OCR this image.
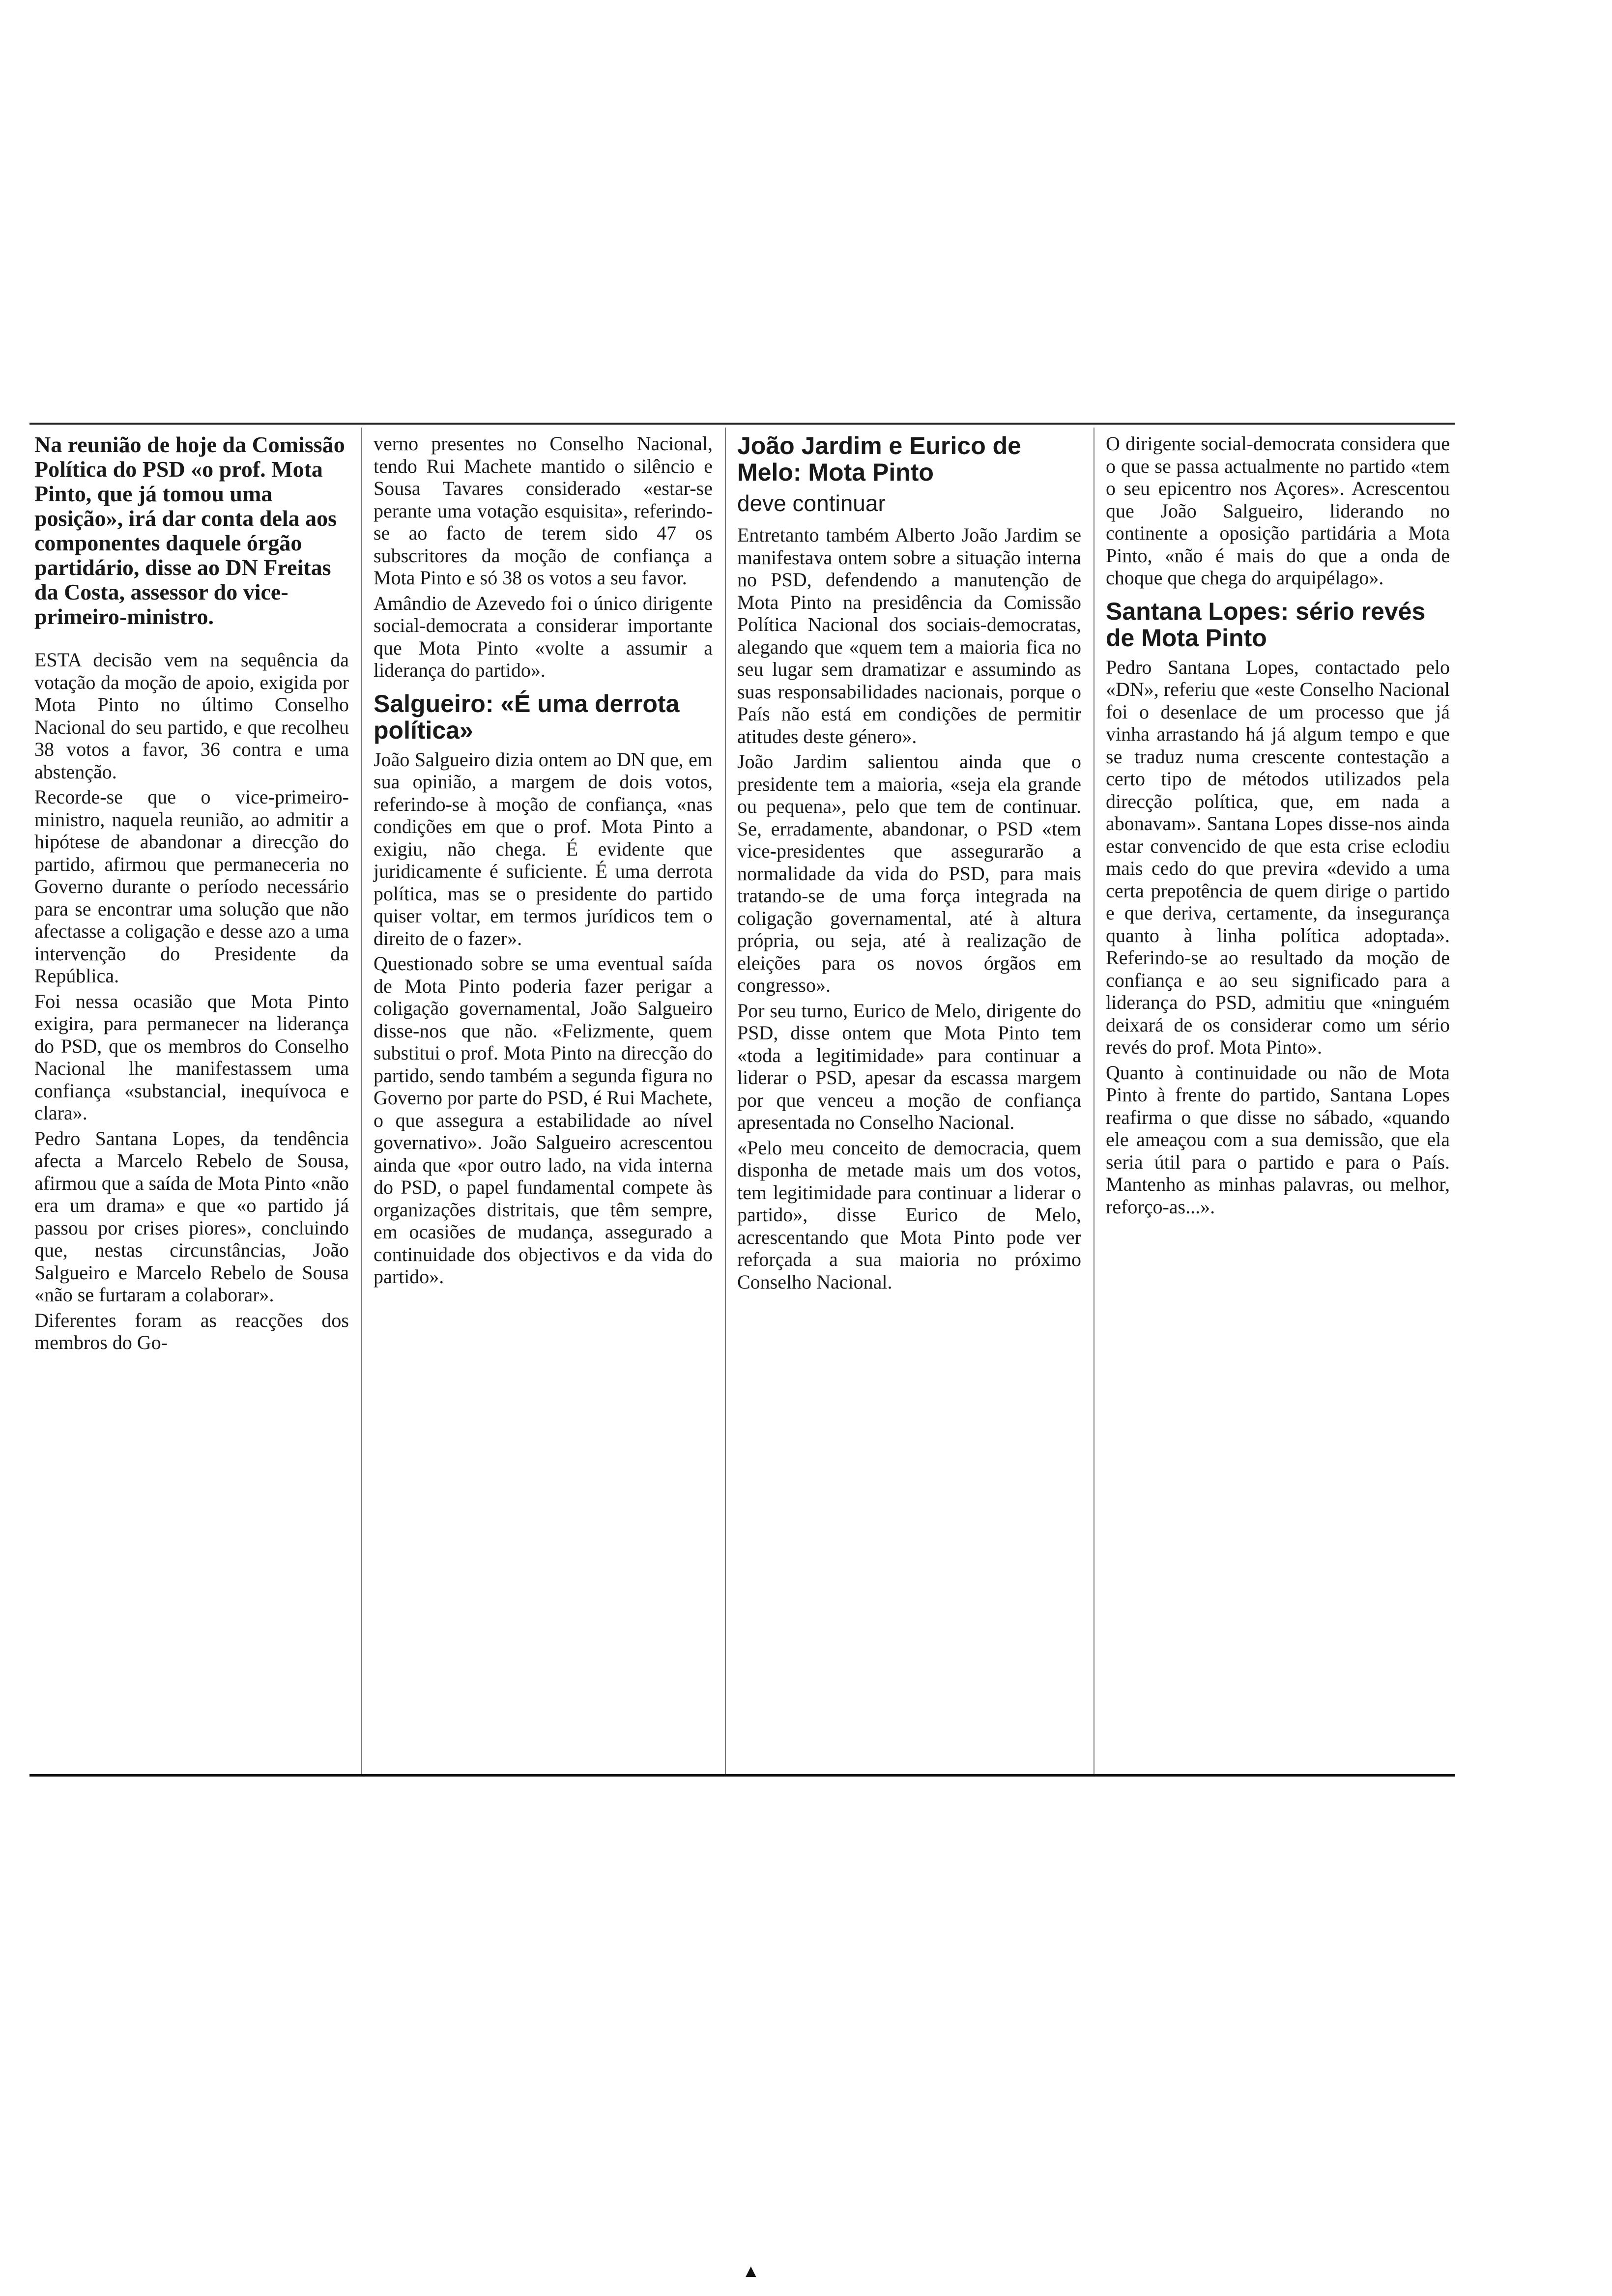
Na reunião de hoje da Comissão Política do PSD «o prof. Mota Pinto, que já tomou uma posição», irá dar conta dela aos componentes daquele órgão partidário, disse ao DN Freitas da Costa, assessor do vice-primeiro-ministro.

ESTA decisão vem na sequência da votação da moção de apoio, exigida por Mota Pinto no último Conselho Nacional do seu partido, e que recolheu 38 votos a favor, 36 contra e uma abstenção.

Recorde-se que o vice-primeiro-ministro, naquela reunião, ao admitir a hipótese de abandonar a direcção do partido, afirmou que permaneceria no Governo durante o período necessário para se encontrar uma solução que não afectasse a coligação e desse azo a uma intervenção do Presidente da República.

Foi nessa ocasião que Mota Pinto exigira, para permanecer na liderança do PSD, que os membros do Conselho Nacional lhe manifestassem uma confiança «substancial, inequívoca e clara».

Pedro Santana Lopes, da tendência afecta a Marcelo Rebelo de Sousa, afirmou que a saída de Mota Pinto «não era um drama» e que «o partido já passou por crises piores», concluindo que, nestas circunstâncias, João Salgueiro e Marcelo Rebelo de Sousa «não se furtaram a colaborar».

Diferentes foram as reacções dos membros do Go-

verno presentes no Conselho Nacional, tendo Rui Machete mantido o silêncio e Sousa Tavares considerado «estar-se perante uma votação esquisita», referindo-se ao facto de terem sido 47 os subscritores da moção de confiança a Mota Pinto e só 38 os votos a seu favor.

Amândio de Azevedo foi o único dirigente social-democrata a considerar importante que Mota Pinto «volte a assumir a liderança do partido».

Salgueiro: «É uma derrota política»

João Salgueiro dizia ontem ao DN que, em sua opinião, a margem de dois votos, referindo-se à moção de confiança, «nas condições em que o prof. Mota Pinto a exigiu, não chega. É evidente que juridicamente é suficiente. É uma derrota política, mas se o presidente do partido quiser voltar, em termos jurídicos tem o direito de o fazer».

Questionado sobre se uma eventual saída de Mota Pinto poderia fazer perigar a coligação governamental, João Salgueiro disse-nos que não. «Felizmente, quem substitui o prof. Mota Pinto na direcção do partido, sendo também a segunda figura no Governo por parte do PSD, é Rui Machete, o que assegura a estabilidade ao nível governativo». João Salgueiro acrescentou ainda que «por outro lado, na vida interna do PSD, o papel fundamental compete às organizações distritais, que têm sempre, em ocasiões de mudança, assegurado a continuidade dos objectivos e da vida do partido».

João Jardim e Eurico de Melo: Mota Pinto
deve continuar

Entretanto também Alberto João Jardim se manifestava ontem sobre a situação interna no PSD, defendendo a manutenção de Mota Pinto na presidência da Comissão Política Nacional dos sociais-democratas, alegando que «quem tem a maioria fica no seu lugar sem dramatizar e assumindo as suas responsabilidades nacionais, porque o País não está em condições de permitir atitudes deste género».

João Jardim salientou ainda que o presidente tem a maioria, «seja ela grande ou pequena», pelo que tem de continuar. Se, erradamente, abandonar, o PSD «tem vice-presidentes que assegurarão a normalidade da vida do PSD, para mais tratando-se de uma força integrada na coligação governamental, até à altura própria, ou seja, até à realização de eleições para os novos órgãos em congresso».

Por seu turno, Eurico de Melo, dirigente do PSD, disse ontem que Mota Pinto tem «toda a legitimidade» para continuar a liderar o PSD, apesar da escassa margem por que venceu a moção de confiança apresentada no Conselho Nacional.

«Pelo meu conceito de democracia, quem disponha de metade mais um dos votos, tem legitimidade para continuar a liderar o partido», disse Eurico de Melo, acrescentando que Mota Pinto pode ver reforçada a sua maioria no próximo Conselho Nacional.

O dirigente social-democrata considera que o que se passa actualmente no partido «tem o seu epicentro nos Açores». Acrescentou que João Salgueiro, liderando no continente a oposição partidária a Mota Pinto, «não é mais do que a onda de choque que chega do arquipélago».

Santana Lopes: sério revés de Mota Pinto

Pedro Santana Lopes, contactado pelo «DN», referiu que «este Conselho Nacional foi o desenlace de um processo que já vinha arrastando há já algum tempo e que se traduz numa crescente contestação a certo tipo de métodos utilizados pela direcção política, que, em nada a abonavam». Santana Lopes disse-nos ainda estar convencido de que esta crise eclodiu mais cedo do que previra «devido a uma certa prepotência de quem dirige o partido e que deriva, certamente, da insegurança quanto à linha política adoptada». Referindo-se ao resultado da moção de confiança e ao seu significado para a liderança do PSD, admitiu que «ninguém deixará de os considerar como um sério revés do prof. Mota Pinto».

Quanto à continuidade ou não de Mota Pinto à frente do partido, Santana Lopes reafirma o que disse no sábado, «quando ele ameaçou com a sua demissão, que ela seria útil para o partido e para o País. Mantenho as minhas palavras, ou melhor, reforço-as...».

▲
